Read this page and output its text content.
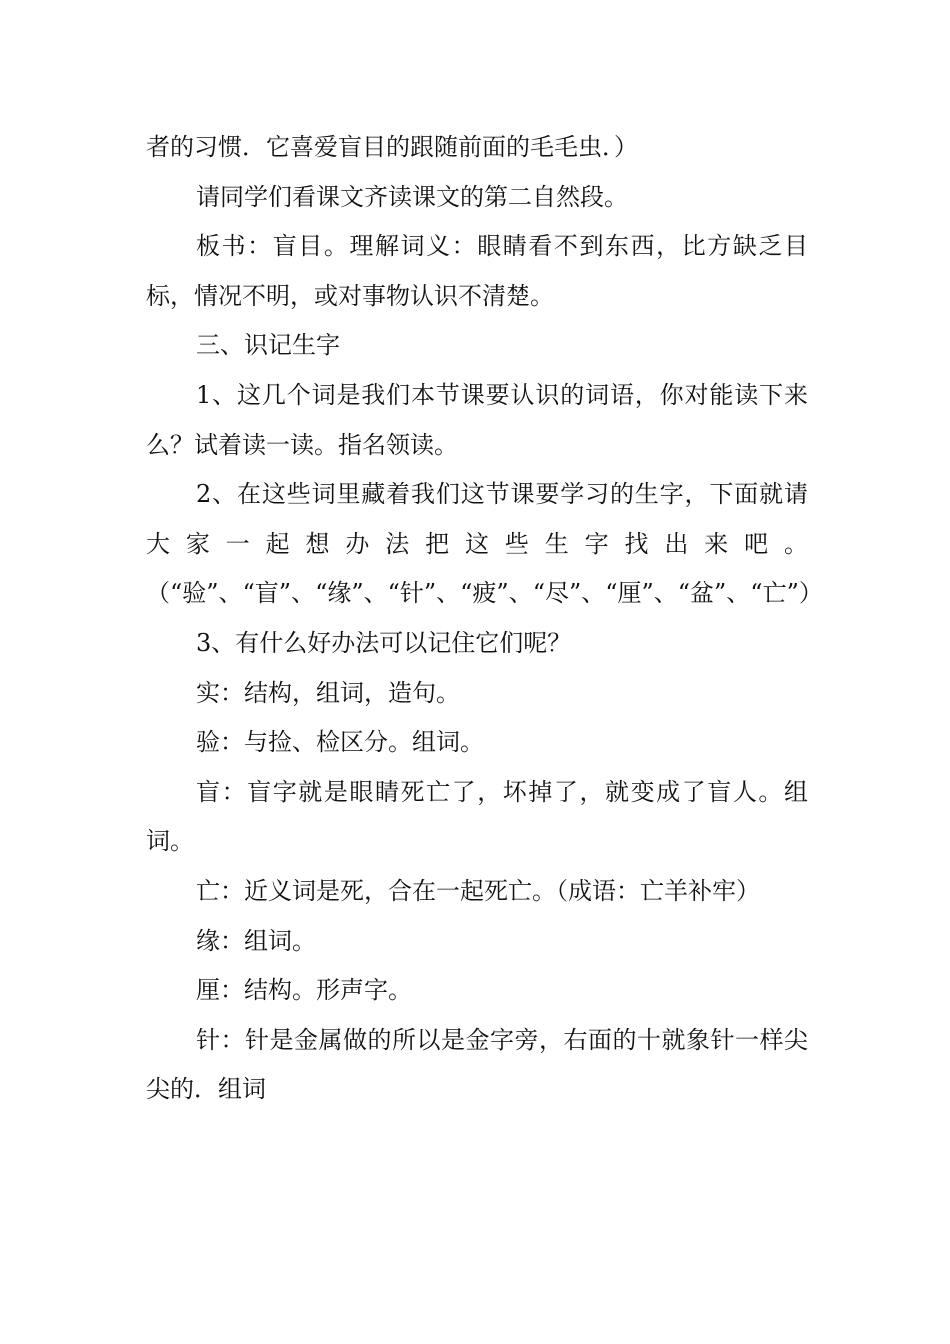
者的习惯．它喜爱盲目的跟随前面的毛毛虫．）

请同学们看课文齐读课文的第二自然段。

板书：盲目。理解词义：眼睛看不到东西，比方缺乏目标，情况不明，或对事物认识不清楚。

三、识记生字

1、这几个词是我们本节课要认识的词语，你对能读下来么？试着读一读。指名领读。

2、在这些词里藏着我们这节课要学习的生字，下面就请大家一起想办法把这些生字找出来吧。（“验”、“盲”、“缘”、“针”、“疲”、“尽”、“厘”、“盆”、“亡”）

3、有什么好办法可以记住它们呢？

实：结构，组词，造句。

验：与捡、检区分。组词。

盲：盲字就是眼睛死亡了，坏掉了，就变成了盲人。组词。

亡：近义词是死，合在一起死亡。（成语：亡羊补牢）

缘：组词。

厘：结构。形声字。

针：针是金属做的所以是金字旁，右面的十就象针一样尖尖的．组词
